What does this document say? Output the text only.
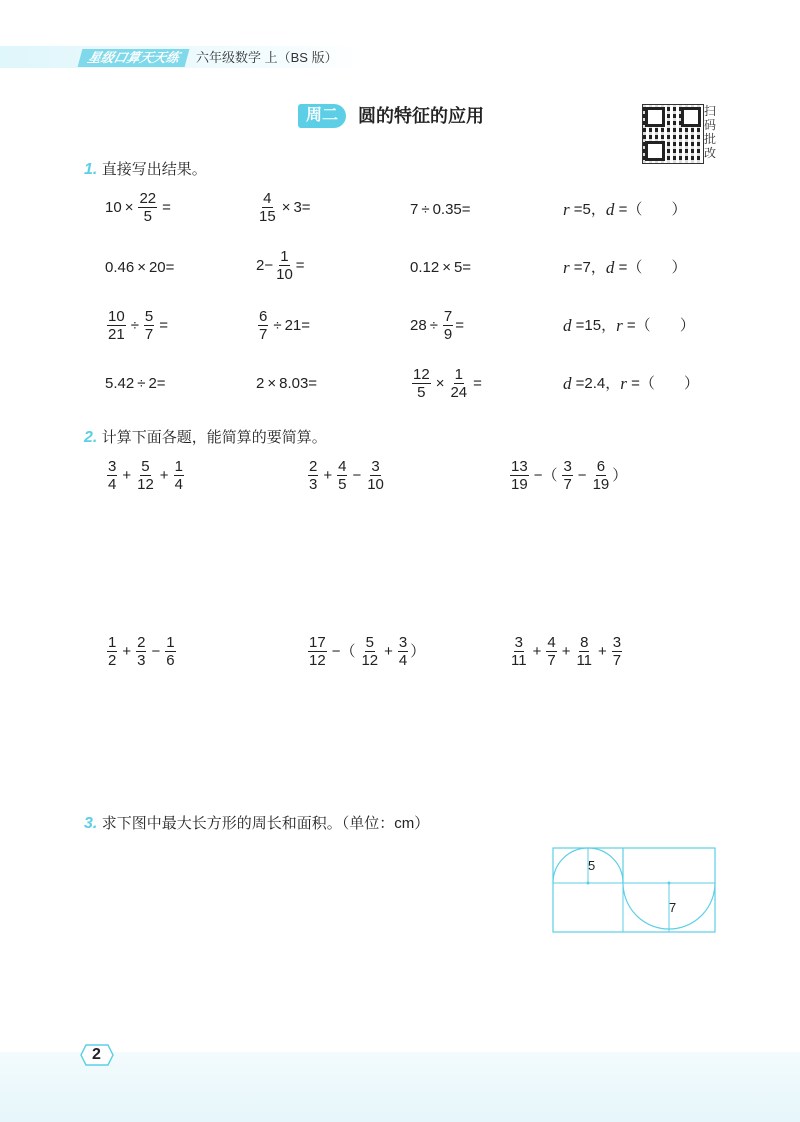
星级口算天天练	六年级数学 上（BS 版）
周二	圆的特征的应用	扫
码
批
改
1. 直接写出结果。
$10 \times \frac{22}{5}$ =	$\frac{4}{15} \times 3=$	7 ÷ 0.35=	r =5， d =（       ）
0.46 × 20=	$2- \frac{1}{10}$ =	0.12 × 5=	r =7， d =（       ）
$\frac{10}{21} \div \frac{5}{7}$ =	$\frac{6}{7} \div 21=$	$28 \div \frac{7}{9}$ =	d =15， r =（       ）
5.42 ÷ 2=	2 × 8.03=	$\frac{12}{5} \times \frac{1}{24}$ =	d =2.4， r =（       ）
2. 计算下面各题，能简算的要简算。
$\frac{3}{4} + \frac{5}{12} + \frac{1}{4}$	$\frac{2}{3} + \frac{4}{5} - \frac{3}{10}$	$\frac{13}{19}$ −（ $\frac{3}{7} - \frac{6}{19}$ ）
$\frac{1}{2} + \frac{2}{3} - \frac{1}{6}$	$\frac{17}{12}$ −（ $\frac{5}{12} + \frac{3}{4}$ ）	$\frac{3}{11} + \frac{4}{7} + \frac{8}{11} + \frac{3}{7}$
3. 求下图中最大长方形的周长和面积。（单位：cm）
5
7
2
